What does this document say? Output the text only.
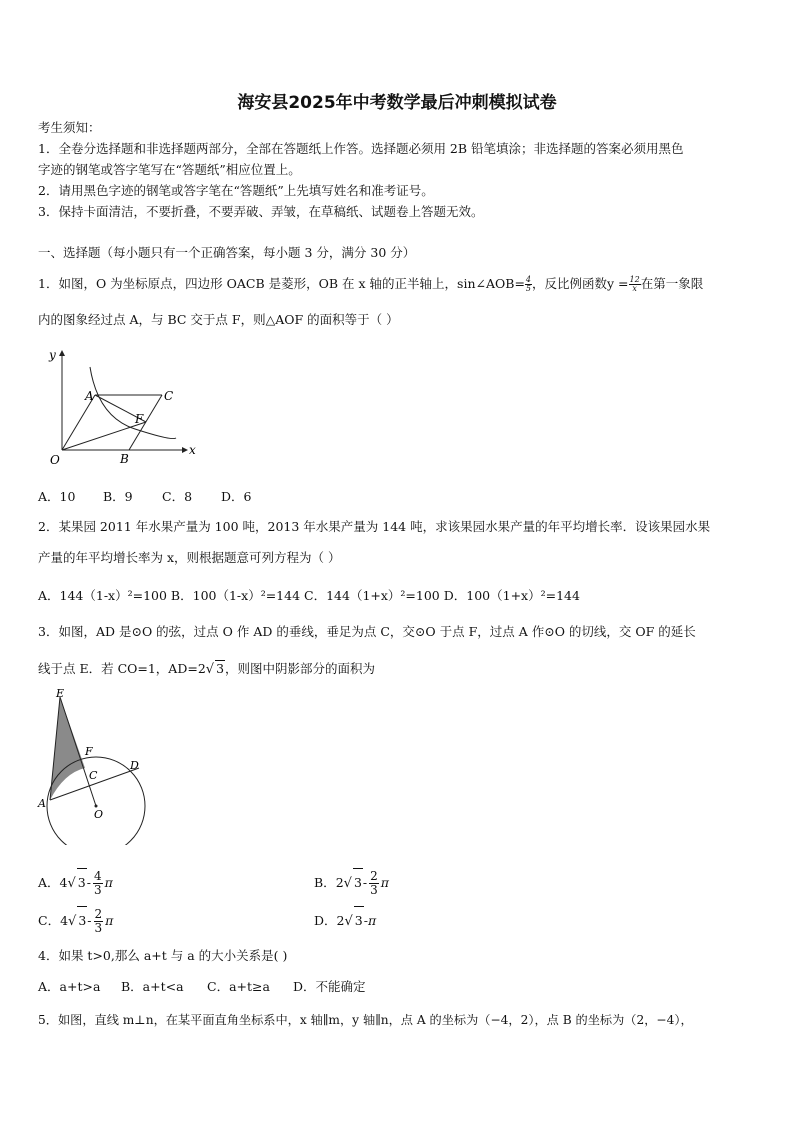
海安县2025年中考数学最后冲刺模拟试卷
考生须知：
1．全卷分选择题和非选择题两部分，全部在答题纸上作答。选择题必须用 2B 铅笔填涂；非选择题的答案必须用黑色
字迹的钢笔或答字笔写在“答题纸”相应位置上。
2．请用黑色字迹的钢笔或答字笔在“答题纸”上先填写姓名和准考证号。
3．保持卡面清洁，不要折叠，不要弄破、弄皱，在草稿纸、试题卷上答题无效。
一、选择题（每小题只有一个正确答案，每小题 3 分，满分 30 分）
1．如图，O 为坐标原点，四边形 OACB 是菱形，OB 在 x 轴的正半轴上，sin∠AOB= $\frac{4}{5}$ ，反比例函数$y = \frac{12}{x}$ 在第一象限
内的图象经过点 A，与 BC 交于点 F，则△AOF 的面积等于（ ）
y
x
O
A	C
F
B
A．10 B．9 C．8 D．6
2．某果园 2011 年水果产量为 100 吨，2013 年水果产量为 144 吨，求该果园水果产量的年平均增长率．设该果园水果
产量的年平均增长率为 x，则根据题意可列方程为（ ）
A．144（1-x）²=100 B．100（1-x）²=144 C．144（1+x）²=100 D．100（1+x）²=144
3．如图，AD 是⊙O 的弦，过点 O 作 AD 的垂线，垂足为点 C，交⊙O 于点 F，过点 A 作⊙O 的切线，交 OF 的延长
线于点 E．若 CO=1，AD=2√ 3，则图中阴影部分的面积为
E
F
C
D
A
O
A．4√ $3- \frac{4}{3}$ π	B．2√ $3- \frac{2}{3}$ π
C．4√ $3- \frac{2}{3}$ π	D．2√ 3-π
4．如果 t>0,那么 a+t 与 a 的大小关系是( )
A．a+t>a B．a+t<a C．a+t≥a D．不能确定
5．如图，直线 m⊥n，在某平面直角坐标系中，x 轴∥m，y 轴∥n，点 A 的坐标为（−4，2），点 B 的坐标为（2，−4），
